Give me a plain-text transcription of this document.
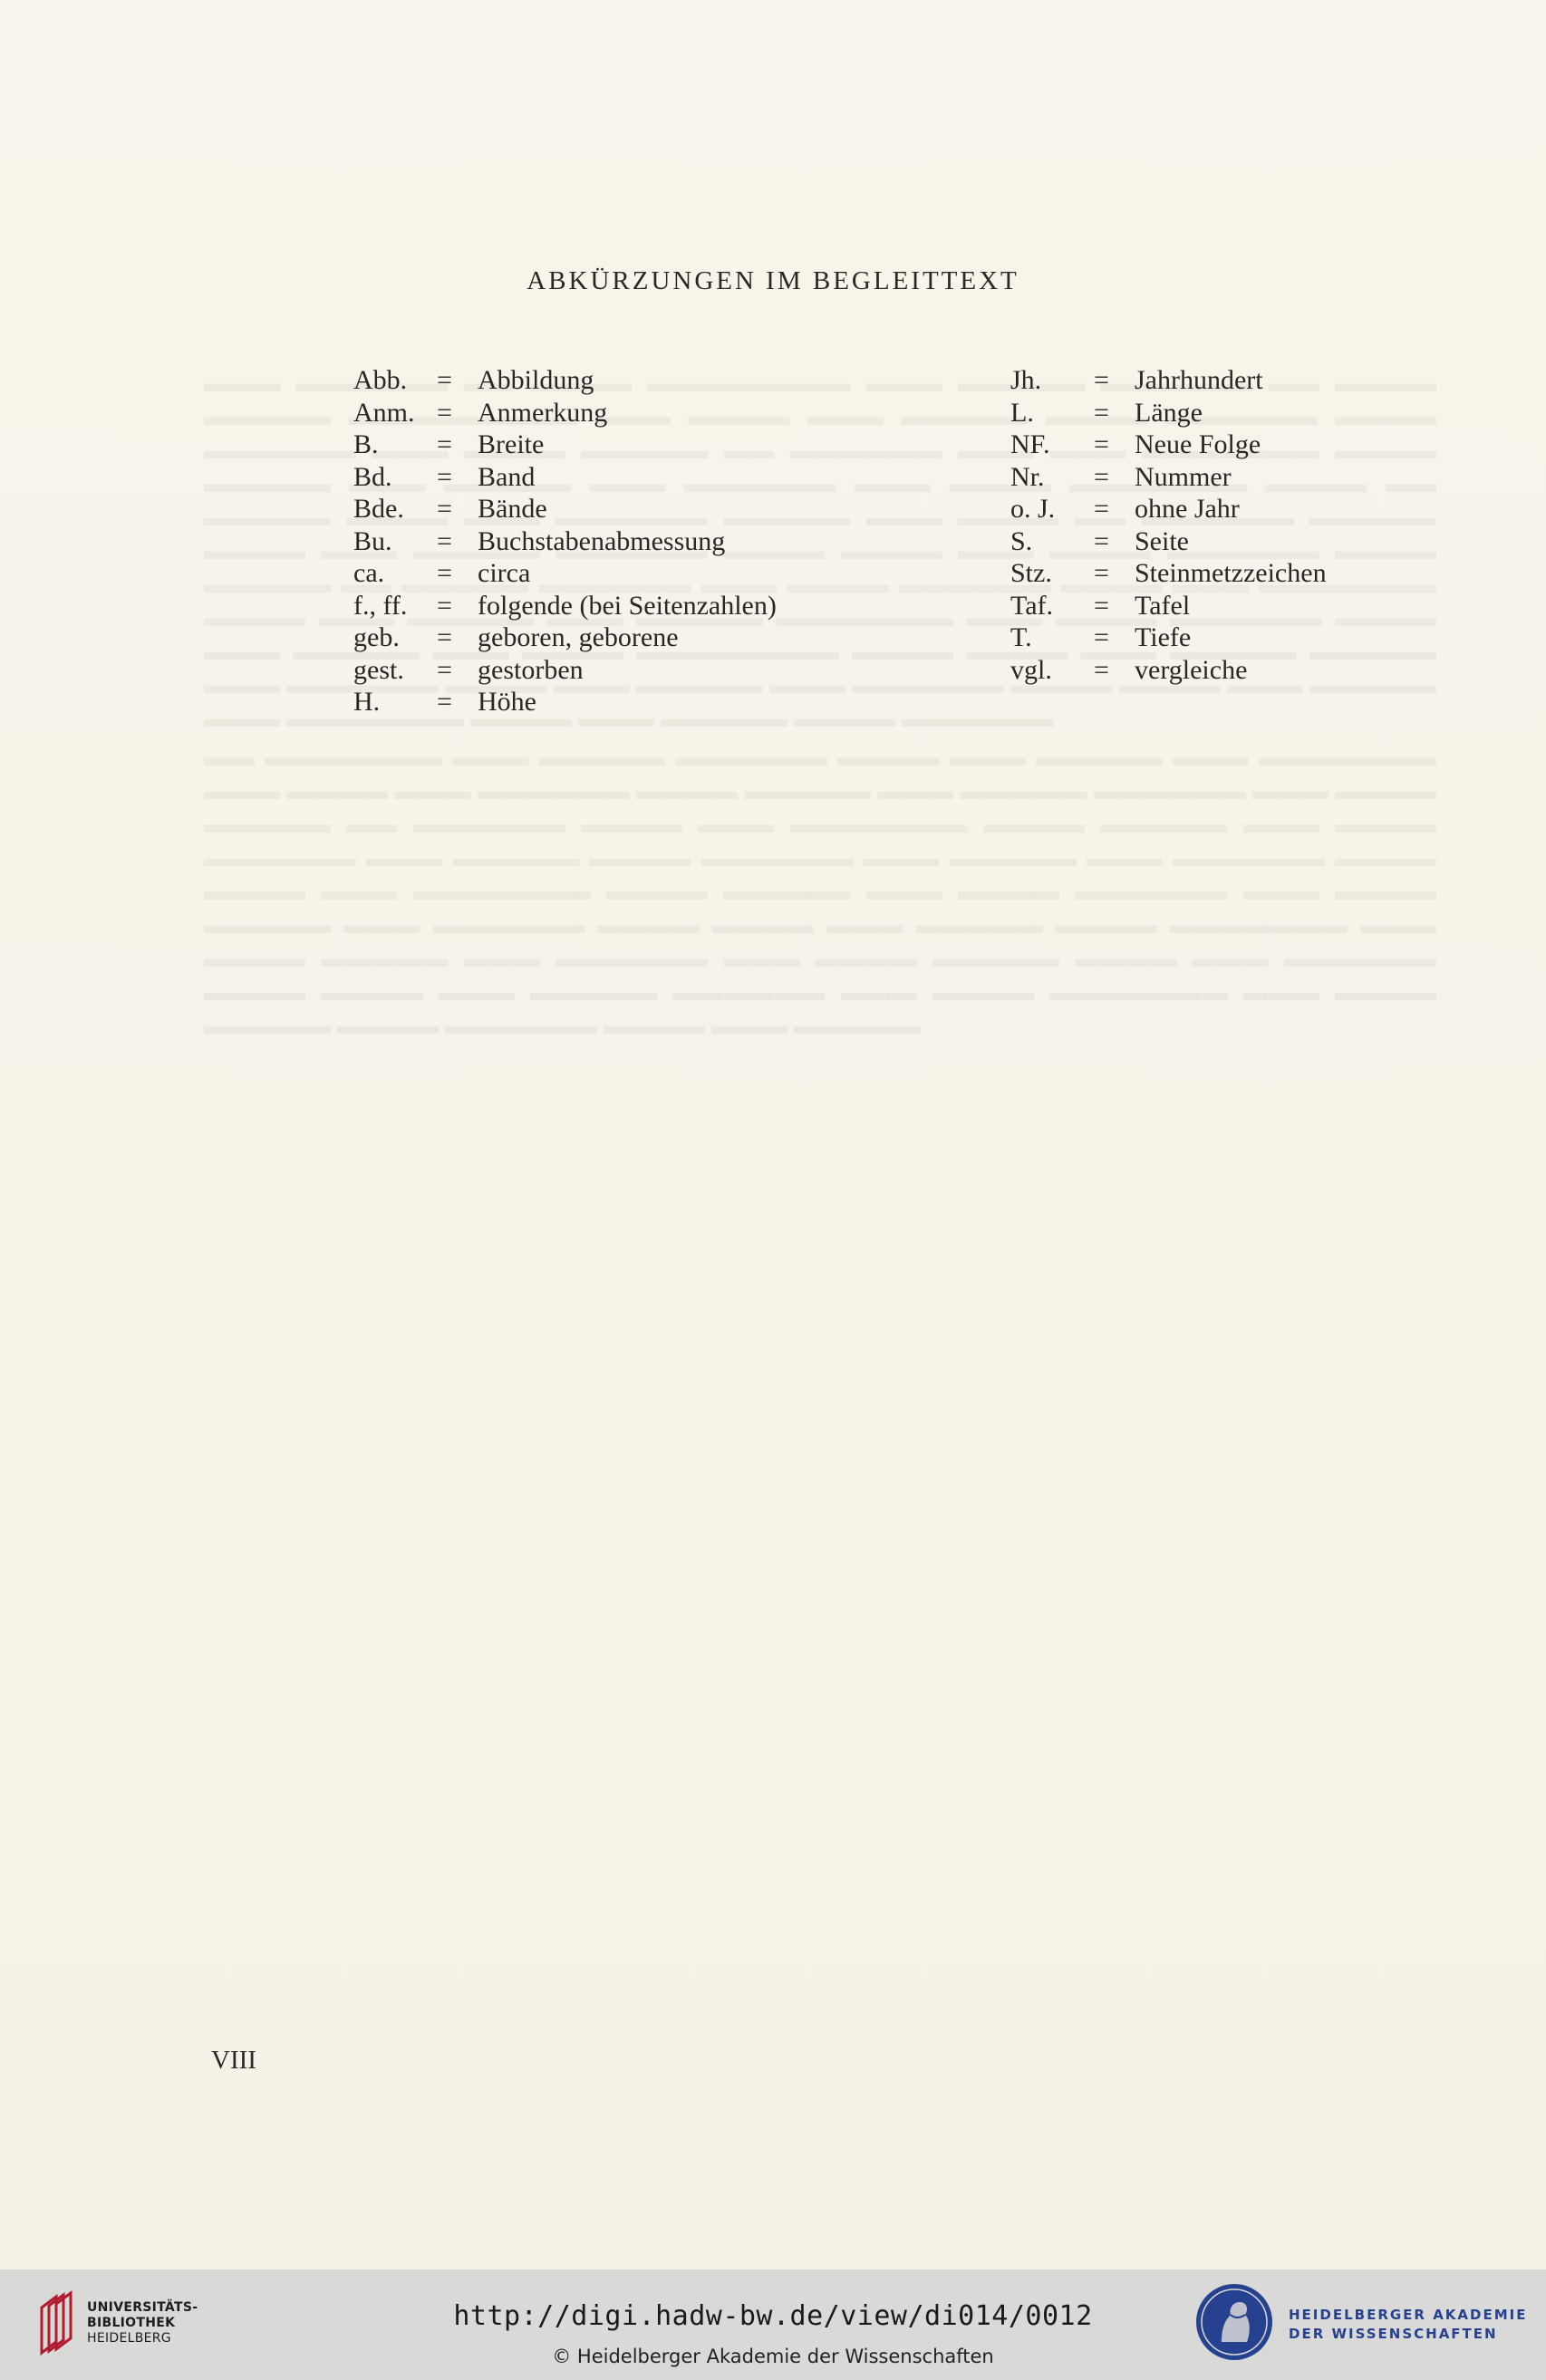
ABKÜRZUNGEN IM BEGLEITTEXT
Abb.	= Abbildung
Anm. = Anmerkung
B.	= Breite
Bd.	= Band
Bde.	= Bände
Bu.	= Buchstabenabmessung
ca.	= circa
f., ff.	= folgende (bei Seitenzahlen)
geb.	= geboren, geborene
gest.	= gestorben
H.	= Höhe
Jh.	= Jahrhundert
L.	= Länge
NF.	= Neue Folge
Nr.	= Nummer
o. J.	= ohne Jahr
S.	= Seite
Stz.	= Steinmetzzeichen
Taf.	= Tafel
T.	= Tiefe
vgl.	= vergleiche
VIII
UNIVERSITÄTS-
BIBLIOTHEK
HEIDELBERG
http://digi.hadw-bw.de/view/di014/0012
© Heidelberger Akademie der Wissenschaften
HEIDELBERGER AKADEMIE
DER WISSENSCHAFTEN
